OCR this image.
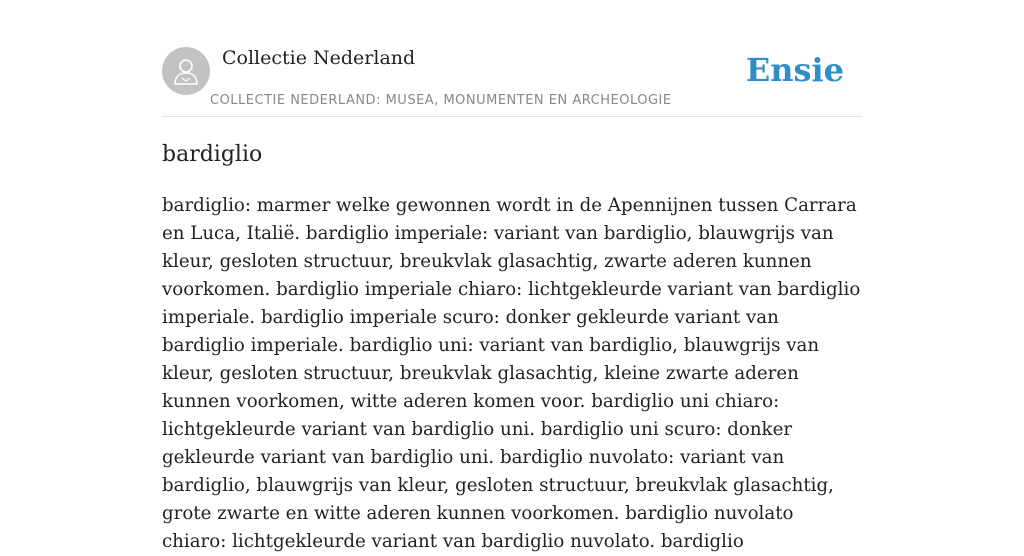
Collectie Nederland
COLLECTIE NEDERLAND: MUSEA, MONUMENTEN EN ARCHEOLOGIE
Ensie
bardiglio

bardiglio: marmer welke gewonnen wordt in de Apennijnen tussen Carrara en Luca, Italië. bardiglio imperiale: variant van bardiglio, blauwgrijs van kleur, gesloten structuur, breukvlak glasachtig, zwarte aderen kunnen voorkomen. bardiglio imperiale chiaro: lichtgekleurde variant van bardiglio imperiale. bardiglio imperiale scuro: donker gekleurde variant van bardiglio imperiale. bardiglio uni: variant van bardiglio, blauwgrijs van kleur, gesloten structuur, breukvlak glasachtig, kleine zwarte aderen kunnen voorkomen, witte aderen komen voor. bardiglio uni chiaro: lichtgekleurde variant van bardiglio uni. bardiglio uni scuro: donker gekleurde variant van bardiglio uni. bardiglio nuvolato: variant van bardiglio, blauwgrijs van kleur, gesloten structuur, breukvlak glasachtig, grote zwarte en witte aderen kunnen voorkomen. bardiglio nuvolato chiaro: lichtgekleurde variant van bardiglio nuvolato. bardiglio
